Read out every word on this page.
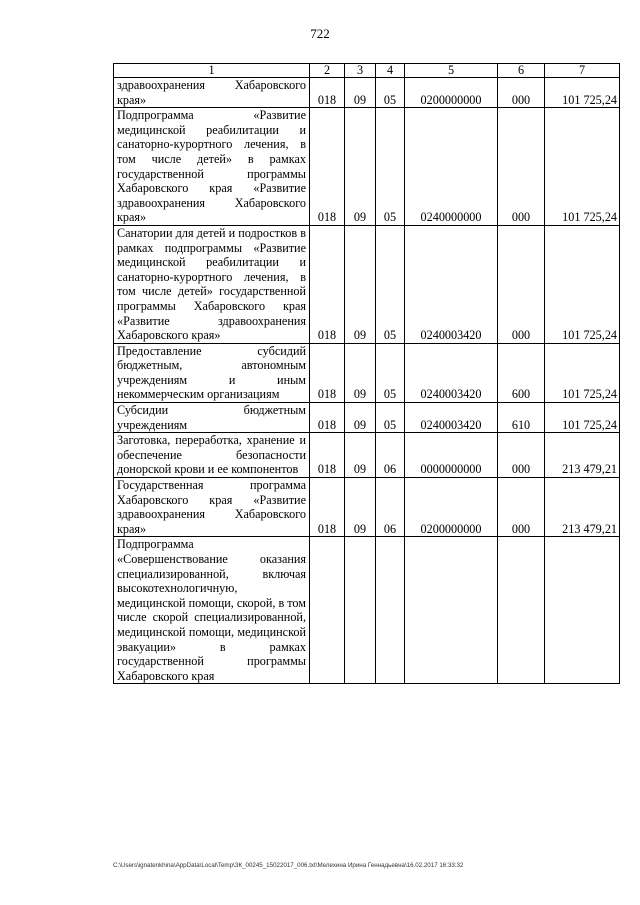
722
1	2	3	4	5	6	7
здравоохранения Хабаровского края»	018	09	05	0200000000	000	101 725,24
Подпрограмма «Развитие медицинской реабилитации и санаторно-курортного лечения, в том числе детей» в рамках государственной программы Хабаровского края «Развитие здравоохранения Хабаровского края»	018	09	05	0240000000	000	101 725,24
Санатории для детей и подростков в рамках подпрограммы «Развитие медицинской реабилитации и санаторно-курортного лечения, в том числе детей» государственной программы Хабаровского края «Развитие здравоохранения Хабаровского края»	018	09	05	0240003420	000	101 725,24
Предоставление субсидий бюджетным, автономным учреждениям и иным некоммерческим организациям	018	09	05	0240003420	600	101 725,24
Субсидии бюджетным учреждениям	018	09	05	0240003420	610	101 725,24
Заготовка, переработка, хранение и обеспечение безопасности донорской крови и ее компонентов	018	09	06	0000000000	000	213 479,21
Государственная программа Хабаровского края «Развитие здравоохранения Хабаровского края»	018	09	06	0200000000	000	213 479,21
Подпрограмма «Совершенствование оказания специализированной, включая высокотехнологичную, медицинской помощи, скорой, в том числе скорой специализированной, медицинской помощи, медицинской эвакуации» в рамках государственной программы Хабаровского края						
C:\Users\ignatenkhina\AppData\Local\Temp\ЗК_00245_15022017_006.txt\Мелехина Ирина Геннадьевна\16.02.2017 16:33:32
